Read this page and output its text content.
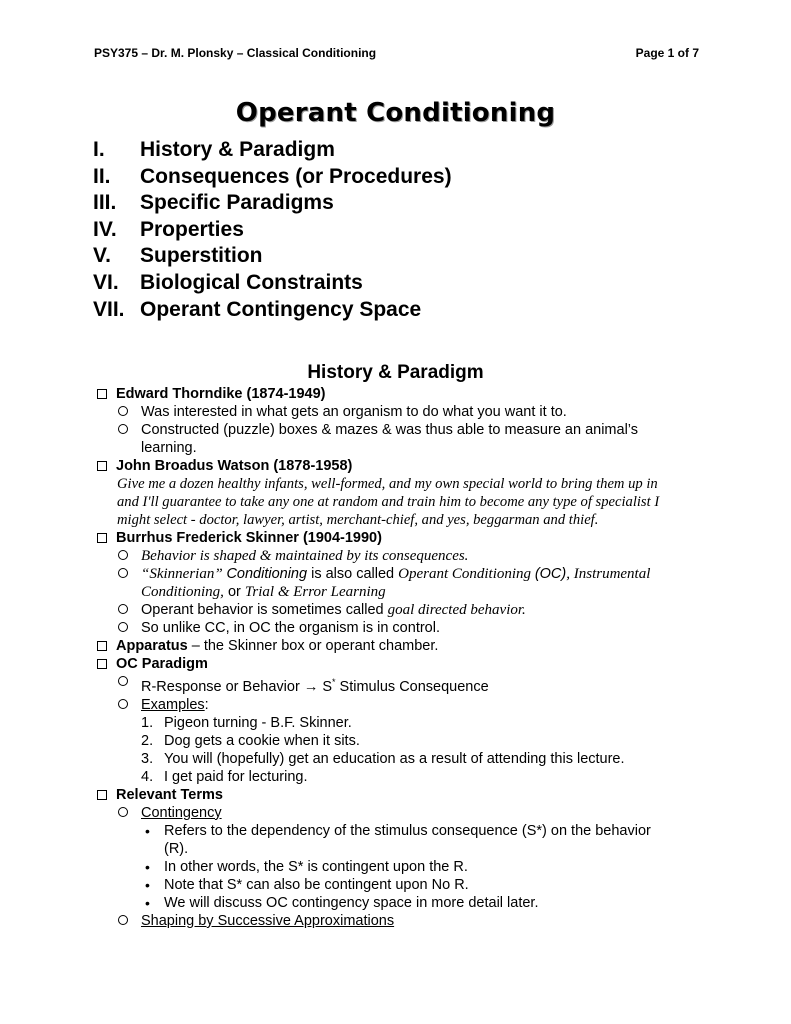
PSY375 – Dr. M. Plonsky – Classical Conditioning	Page 1 of 7
Operant Conditioning
I. History & Paradigm
II. Consequences (or Procedures)
III. Specific Paradigms
IV. Properties
V. Superstition
VI. Biological Constraints
VII. Operant Contingency Space
History & Paradigm
Edward Thorndike (1874-1949)
Was interested in what gets an organism to do what you want it to.
Constructed (puzzle) boxes & mazes & was thus able to measure an animal’s
learning.
John Broadus Watson (1878-1958)
Give me a dozen healthy infants, well-formed, and my own special world to bring them up in
and I'll guarantee to take any one at random and train him to become any type of specialist I
might select - doctor, lawyer, artist, merchant-chief, and yes, beggarman and thief.
Burrhus Frederick Skinner (1904-1990)
Behavior is shaped & maintained by its consequences.
“Skinnerian” Conditioning is also called Operant Conditioning (OC), Instrumental
Conditioning, or Trial & Error Learning
Operant behavior is sometimes called goal directed behavior.
So unlike CC, in OC the organism is in control.
Apparatus – the Skinner box or operant chamber.
OC Paradigm
R-Response or Behavior → S* Stimulus Consequence
Examples:
1. Pigeon turning - B.F. Skinner.
2. Dog gets a cookie when it sits.
3. You will (hopefully) get an education as a result of attending this lecture.
4. I get paid for lecturing.
Relevant Terms
Contingency
• Refers to the dependency of the stimulus consequence (S*) on the behavior
(R).
• In other words, the S* is contingent upon the R.
• Note that S* can also be contingent upon No R.
• We will discuss OC contingency space in more detail later.
Shaping by Successive Approximations
